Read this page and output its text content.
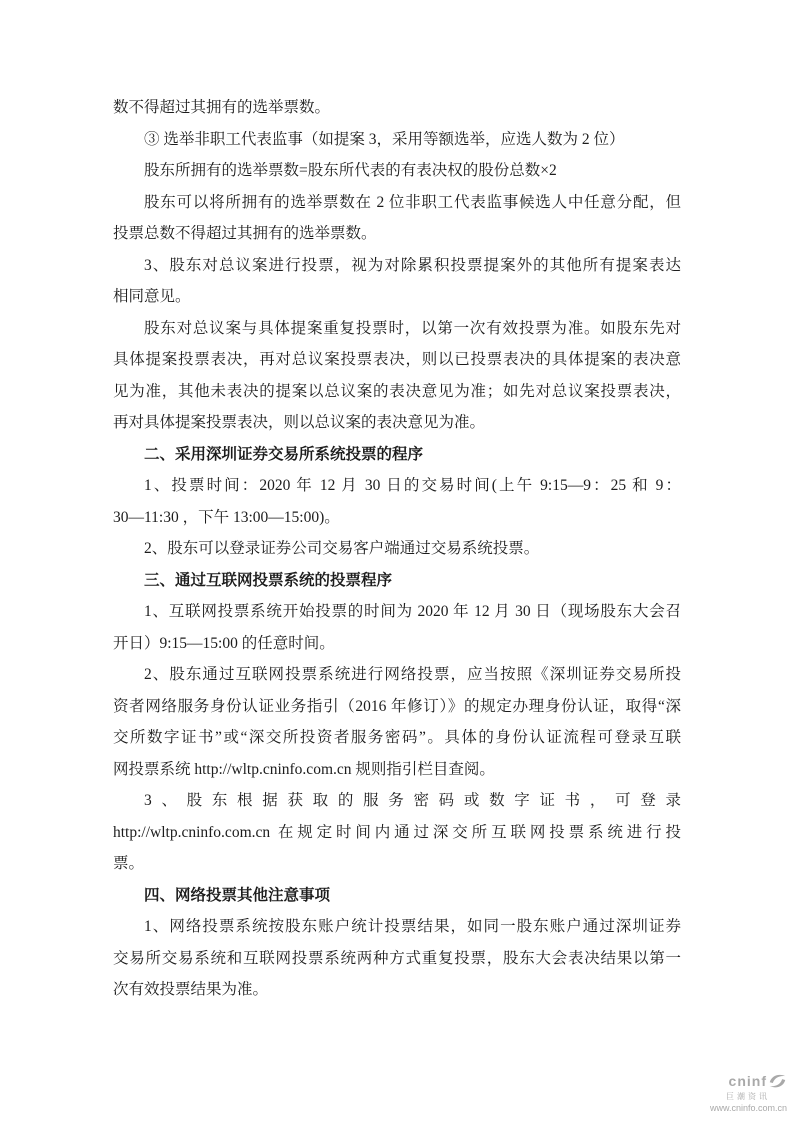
数不得超过其拥有的选举票数。
③ 选举非职工代表监事（如提案 3，采用等额选举，应选人数为 2 位）
股东所拥有的选举票数=股东所代表的有表决权的股份总数×2
股东可以将所拥有的选举票数在 2 位非职工代表监事候选人中任意分配，但
投票总数不得超过其拥有的选举票数。
3、股东对总议案进行投票，视为对除累积投票提案外的其他所有提案表达
相同意见。
股东对总议案与具体提案重复投票时，以第一次有效投票为准。如股东先对
具体提案投票表决，再对总议案投票表决，则以已投票表决的具体提案的表决意
见为准，其他未表决的提案以总议案的表决意见为准；如先对总议案投票表决，
再对具体提案投票表决，则以总议案的表决意见为准。
二、采用深圳证券交易所系统投票的程序
1、投票时间：2020 年 12 月 30 日的交易时间(上午 9:15—9：25 和 9：
30—11:30 ，下午 13:00—15:00)。
2、股东可以登录证券公司交易客户端通过交易系统投票。
三、通过互联网投票系统的投票程序
1、互联网投票系统开始投票的时间为 2020 年 12 月 30 日（现场股东大会召
开日）9:15—15:00 的任意时间。
2、股东通过互联网投票系统进行网络投票，应当按照《深圳证券交易所投
资者网络服务身份认证业务指引（2016 年修订）》的规定办理身份认证，取得“深
交所数字证书”或“深交所投资者服务密码”。具体的身份认证流程可登录互联
网投票系统 http://wltp.cninfo.com.cn 规则指引栏目查阅。
3、股东根据获取的服务密码或数字证书，可登录
http://wltp.cninfo.com.cn 在规定时间内通过深交所互联网投票系统进行投
票。
四、网络投票其他注意事项
1、网络投票系统按股东账户统计投票结果，如同一股东账户通过深圳证券
交易所交易系统和互联网投票系统两种方式重复投票，股东大会表决结果以第一
次有效投票结果为准。
cninf
巨潮资讯
www.cninfo.com.cn
